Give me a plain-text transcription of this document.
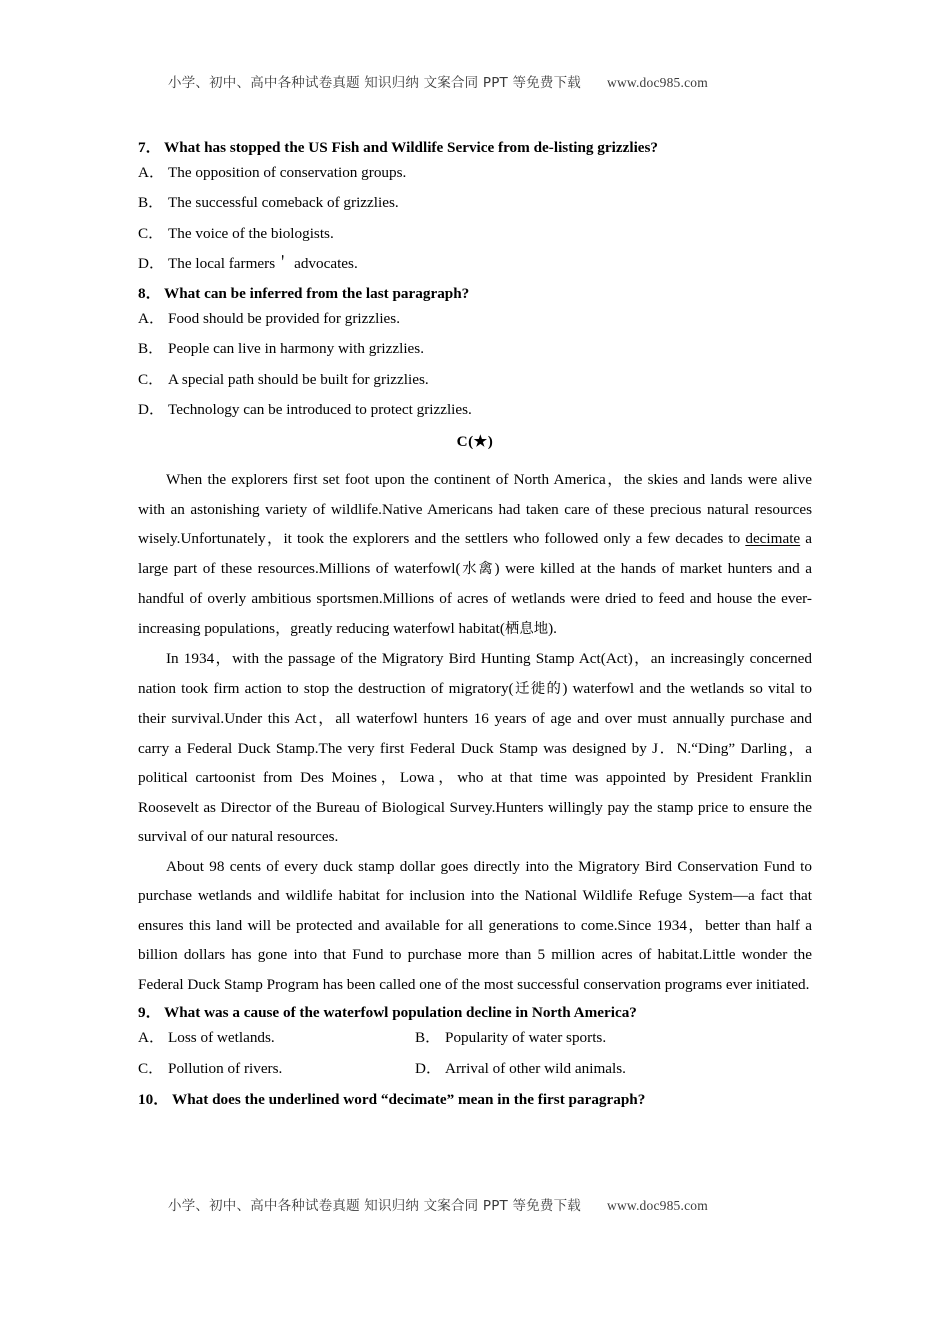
小学、初中、高中各种试卷真题 知识归纳 文案合同 PPT 等免费下载 www.doc985.com
7． What has stopped the US Fish and Wildlife Service from de-listing grizzlies?
A． The opposition of conservation groups.
B． The successful comeback of grizzlies.
C． The voice of the biologists.
D． The local farmers＇ advocates.
8． What can be inferred from the last paragraph?
A． Food should be provided for grizzlies.
B． People can live in harmony with grizzlies.
C． A special path should be built for grizzlies.
D． Technology can be introduced to protect grizzlies.
C(★)
When the explorers first set foot upon the continent of North America，the skies and lands were alive with an astonishing variety of wildlife.Native Americans had taken care of these precious natural resources wisely.Unfortunately，it took the explorers and the settlers who followed only a few decades to decimate a large part of these resources.Millions of waterfowl(水禽) were killed at the hands of market hunters and a handful of overly ambitious sportsmen.Millions of acres of wetlands were dried to feed and house the ever-increasing populations，greatly reducing waterfowl habitat(栖息地).
In 1934，with the passage of the Migratory Bird Hunting Stamp Act(Act)，an increasingly concerned nation took firm action to stop the destruction of migratory(迁徙的) waterfowl and the wetlands so vital to their survival.Under this Act，all waterfowl hunters 16 years of age and over must annually purchase and carry a Federal Duck Stamp.The very first Federal Duck Stamp was designed by J．N.“Ding” Darling，a political cartoonist from Des Moines，Lowa，who at that time was appointed by President Franklin Roosevelt as Director of the Bureau of Biological Survey.Hunters willingly pay the stamp price to ensure the survival of our natural resources.
About 98 cents of every duck stamp dollar goes directly into the Migratory Bird Conservation Fund to purchase wetlands and wildlife habitat for inclusion into the National Wildlife Refuge System—a fact that ensures this land will be protected and available for all generations to come.Since 1934，better than half a billion dollars has gone into that Fund to purchase more than 5 million acres of habitat.Little wonder the Federal Duck Stamp Program has been called one of the most successful conservation programs ever initiated.
9． What was a cause of the waterfowl population decline in North America?
A． Loss of wetlands.	B． Popularity of water sports.
C． Pollution of rivers.	D． Arrival of other wild animals.
10． What does the underlined word “decimate” mean in the first paragraph?
小学、初中、高中各种试卷真题 知识归纳 文案合同 PPT 等免费下载 www.doc985.com
